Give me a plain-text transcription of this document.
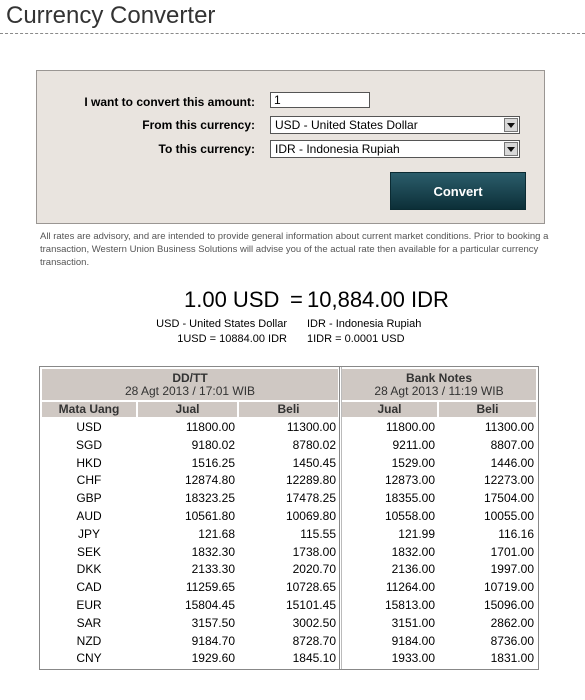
Currency Converter
I want to convert this amount:	1
From this currency:	USD - United States Dollar
To this currency:	IDR - Indonesia Rupiah
Convert
All rates are advisory, and are intended to provide general information about current market conditions. Prior to booking a transaction, Western Union Business Solutions will advise you of the actual rate then available for a particular currency transaction.
1.00 USD = 10,884.00 IDR
USD - United States Dollar
1USD = 10884.00 IDR
IDR - Indonesia Rupiah
1IDR = 0.0001 USD
DD/TT
28 Agt 2013 / 17:01 WIB
Bank Notes
28 Agt 2013 / 11:19 WIB
Mata Uang	Jual	Beli	Jual	Beli
USD	11800.00	11300.00	11800.00	11300.00
SGD	9180.02	8780.02	9211.00	8807.00
HKD	1516.25	1450.45	1529.00	1446.00
CHF	12874.80	12289.80	12873.00	12273.00
GBP	18323.25	17478.25	18355.00	17504.00
AUD	10561.80	10069.80	10558.00	10055.00
JPY	121.68	115.55	121.99	116.16
SEK	1832.30	1738.00	1832.00	1701.00
DKK	2133.30	2020.70	2136.00	1997.00
CAD	11259.65	10728.65	11264.00	10719.00
EUR	15804.45	15101.45	15813.00	15096.00
SAR	3157.50	3002.50	3151.00	2862.00
NZD	9184.70	8728.70	9184.00	8736.00
CNY	1929.60	1845.10	1933.00	1831.00
